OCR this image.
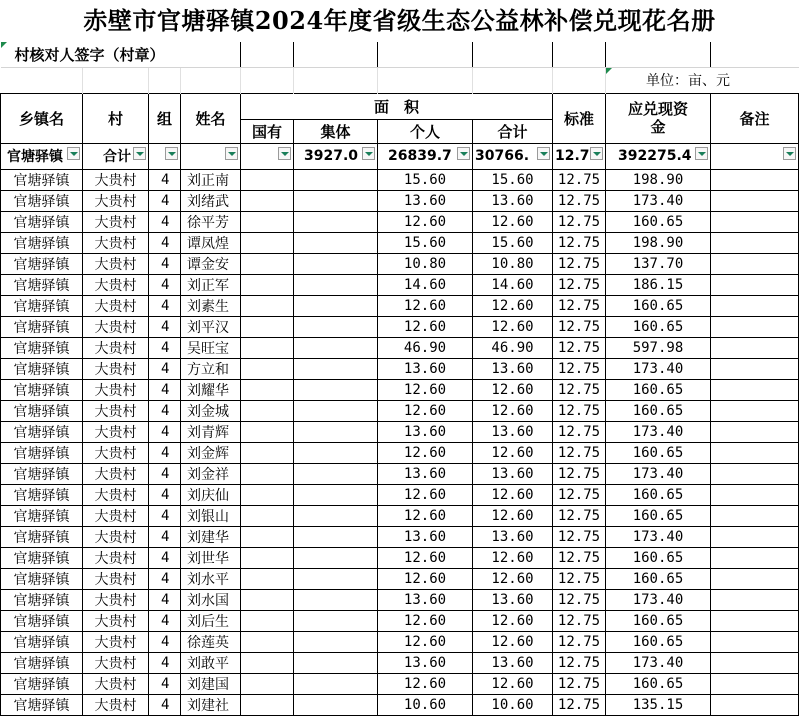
赤壁市官塘驿镇2024年度省级生态公益林补偿兑现花名册
村核对人签字（村章）										

单位：亩、元	
乡镇名	村	组	姓名	面　积				标准	应兑现资金	备注
				国有	集体	个人	合计			
官塘驿镇	合计				3927.0	26839.7	30766.	12.7	392275.4

官塘驿镇	大贵村	4	刘正南			15.60	15.60	12.75	198.90	
官塘驿镇	大贵村	4	刘绪武			13.60	13.60	12.75	173.40	
官塘驿镇	大贵村	4	徐平芳			12.60	12.60	12.75	160.65	
官塘驿镇	大贵村	4	谭凤煌			15.60	15.60	12.75	198.90	
官塘驿镇	大贵村	4	谭金安			10.80	10.80	12.75	137.70	
官塘驿镇	大贵村	4	刘正军			14.60	14.60	12.75	186.15	
官塘驿镇	大贵村	4	刘素生			12.60	12.60	12.75	160.65	
官塘驿镇	大贵村	4	刘平汉			12.60	12.60	12.75	160.65	
官塘驿镇	大贵村	4	吴旺宝			46.90	46.90	12.75	597.98	
官塘驿镇	大贵村	4	方立和			13.60	13.60	12.75	173.40	
官塘驿镇	大贵村	4	刘耀华			12.60	12.60	12.75	160.65	
官塘驿镇	大贵村	4	刘金城			12.60	12.60	12.75	160.65	
官塘驿镇	大贵村	4	刘青辉			13.60	13.60	12.75	173.40	
官塘驿镇	大贵村	4	刘金辉			12.60	12.60	12.75	160.65	
官塘驿镇	大贵村	4	刘金祥			13.60	13.60	12.75	173.40	
官塘驿镇	大贵村	4	刘庆仙			12.60	12.60	12.75	160.65	
官塘驿镇	大贵村	4	刘银山			12.60	12.60	12.75	160.65	
官塘驿镇	大贵村	4	刘建华			13.60	13.60	12.75	173.40	
官塘驿镇	大贵村	4	刘世华			12.60	12.60	12.75	160.65	
官塘驿镇	大贵村	4	刘水平			12.60	12.60	12.75	160.65	
官塘驿镇	大贵村	4	刘水国			13.60	13.60	12.75	173.40	
官塘驿镇	大贵村	4	刘后生			12.60	12.60	12.75	160.65	
官塘驿镇	大贵村	4	徐莲英			12.60	12.60	12.75	160.65	
官塘驿镇	大贵村	4	刘敢平			13.60	13.60	12.75	173.40	
官塘驿镇	大贵村	4	刘建国			12.60	12.60	12.75	160.65	
官塘驿镇	大贵村	4	刘建社			10.60	10.60	12.75	135.15	
